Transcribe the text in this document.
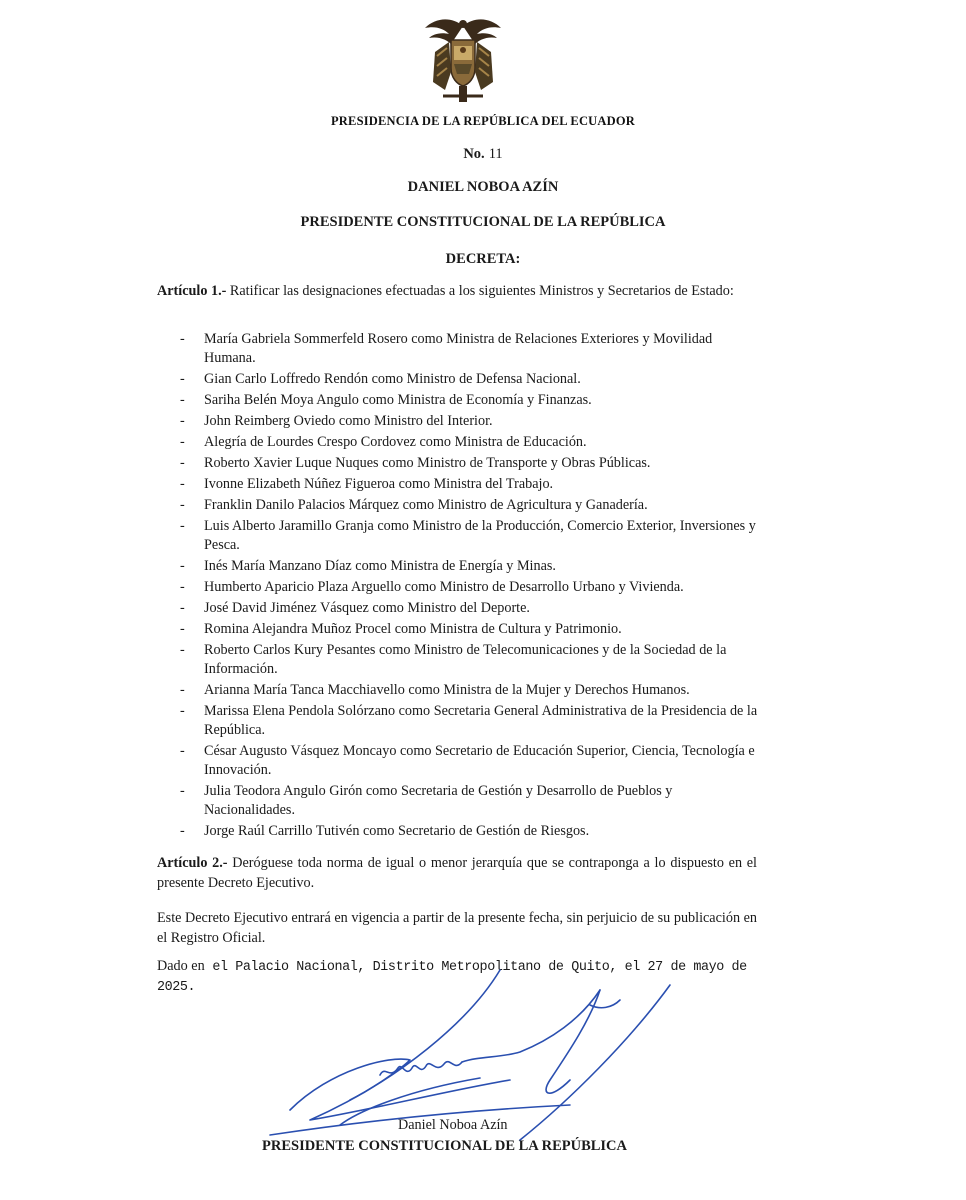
PRESIDENCIA DE LA REPÚBLICA DEL ECUADOR
No. 11
DANIEL NOBOA AZÍN
PRESIDENTE CONSTITUCIONAL DE LA REPÚBLICA
DECRETA:
Artículo 1.- Ratificar las designaciones efectuadas a los siguientes Ministros y Secretarios de Estado:
- María Gabriela Sommerfeld Rosero como Ministra de Relaciones Exteriores y Movilidad Humana.
- Gian Carlo Loffredo Rendón como Ministro de Defensa Nacional.
- Sariha Belén Moya Angulo como Ministra de Economía y Finanzas.
- John Reimberg Oviedo como Ministro del Interior.
- Alegría de Lourdes Crespo Cordovez como Ministra de Educación.
- Roberto Xavier Luque Nuques como Ministro de Transporte y Obras Públicas.
- Ivonne Elizabeth Núñez Figueroa como Ministra del Trabajo.
- Franklin Danilo Palacios Márquez como Ministro de Agricultura y Ganadería.
- Luis Alberto Jaramillo Granja como Ministro de la Producción, Comercio Exterior, Inversiones y Pesca.
- Inés María Manzano Díaz como Ministra de Energía y Minas.
- Humberto Aparicio Plaza Arguello como Ministro de Desarrollo Urbano y Vivienda.
- José David Jiménez Vásquez como Ministro del Deporte.
- Romina Alejandra Muñoz Procel como Ministra de Cultura y Patrimonio.
- Roberto Carlos Kury Pesantes como Ministro de Telecomunicaciones y de la Sociedad de la Información.
- Arianna María Tanca Macchiavello como Ministra de la Mujer y Derechos Humanos.
- Marissa Elena Pendola Solórzano como Secretaria General Administrativa de la Presidencia de la República.
- César Augusto Vásquez Moncayo como Secretario de Educación Superior, Ciencia, Tecnología e Innovación.
- Julia Teodora Angulo Girón como Secretaria de Gestión y Desarrollo de Pueblos y Nacionalidades.
- Jorge Raúl Carrillo Tutivén como Secretario de Gestión de Riesgos.
Artículo 2.- Deróguese toda norma de igual o menor jerarquía que se contraponga a lo dispuesto en el presente Decreto Ejecutivo.
Este Decreto Ejecutivo entrará en vigencia a partir de la presente fecha, sin perjuicio de su publicación en el Registro Oficial.
Dado en el Palacio Nacional, Distrito Metropolitano de Quito, el 27 de mayo de 2025.
Daniel Noboa Azín
PRESIDENTE CONSTITUCIONAL DE LA REPÚBLICA
